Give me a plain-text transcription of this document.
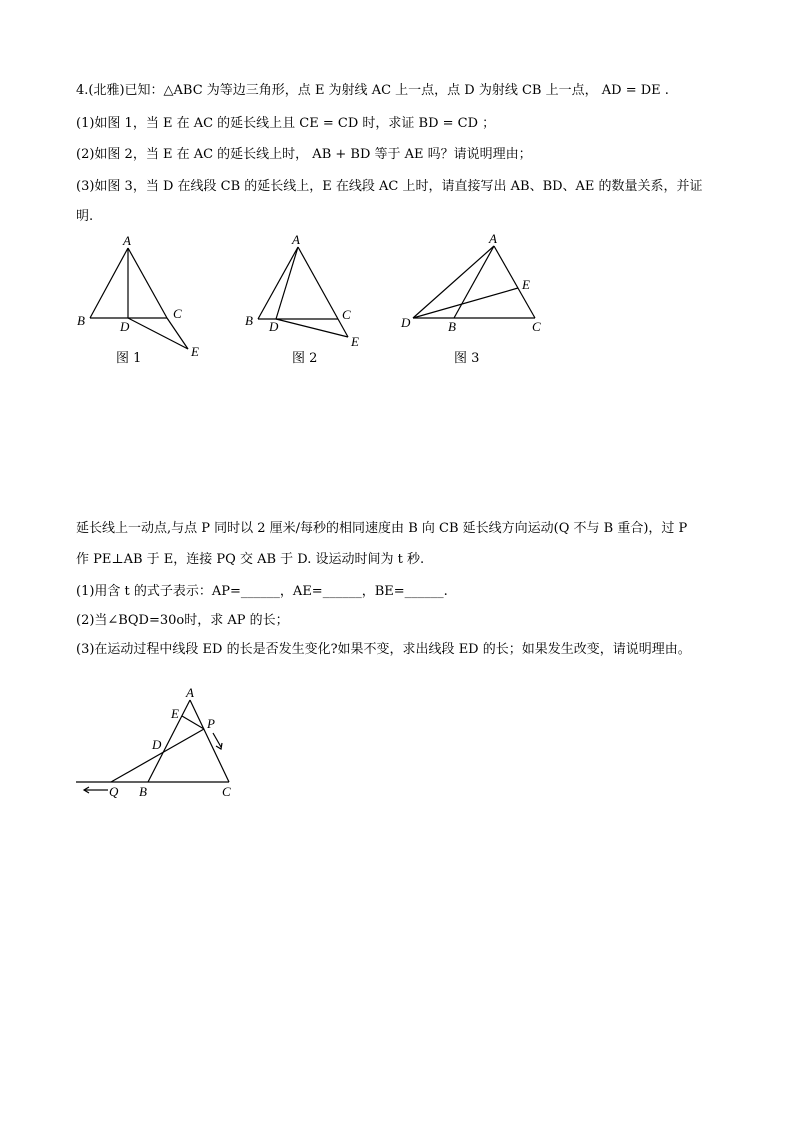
4.(北雅)已知：△ABC 为等边三角形，点 E 为射线 AC 上一点，点 D 为射线 CB 上一点， AD = DE .
(1)如图 1，当 E 在 AC 的延长线上且 CE = CD 时，求证 BD = CD ；
(2)如图 2，当 E 在 AC 的延长线上时， AB + BD 等于 AE 吗？请说明理由；
(3)如图 3，当 D 在线段 CB 的延长线上，E 在线段 AC 上时，请直接写出 AB、BD、AE 的数量关系，并证
明.
A
B	C
D
E
图 1
A
B	C
D
E
图 2
A
D	B	C
E
图 3
延长线上一动点,与点 P 同时以 2 厘米/每秒的相同速度由 B 向 CB 延长线方向运动(Q 不与 B 重合)，过 P
作 PE⊥AB 于 E，连接 PQ 交 AB 于 D. 设运动时间为 t 秒.
(1)用含 t 的式子表示：AP=______，AE=______，BE=______.
(2)当∠BQD=30o时，求 AP 的长；
(3)在运动过程中线段 ED 的长是否发生变化?如果不变，求出线段 ED 的长；如果发生改变，请说明理由。
A
E
P
D
Q B	C
